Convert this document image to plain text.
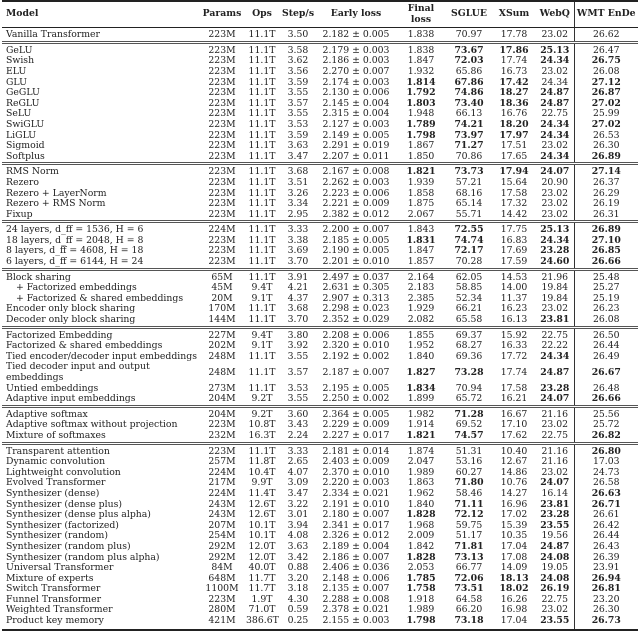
Model	Params	Ops	Step/s	Early loss	Final loss	SGLUE	XSum	WebQ	WMT EnDe
Vanilla Transformer	223M	11.1T	3.50	2.182 ± 0.005	1.838	70.97	17.78	23.02	26.62
GeLU	223M	11.1T	3.58	2.179 ± 0.003	1.838	73.67	17.86	25.13	26.47
Swish	223M	11.1T	3.62	2.186 ± 0.003	1.847	72.03	17.74	24.34	26.75
ELU	223M	11.1T	3.56	2.270 ± 0.007	1.932	65.86	16.73	23.02	26.08
GLU	223M	11.1T	3.59	2.174 ± 0.003	1.814	67.86	17.42	24.34	27.12
GeGLU	223M	11.1T	3.55	2.130 ± 0.006	1.792	74.86	18.27	24.87	26.87
ReGLU	223M	11.1T	3.57	2.145 ± 0.004	1.803	73.40	18.36	24.87	27.02
SeLU	223M	11.1T	3.55	2.315 ± 0.004	1.948	66.13	16.76	22.75	25.99
SwiGLU	223M	11.1T	3.53	2.127 ± 0.003	1.789	74.21	18.20	24.34	27.02
LiGLU	223M	11.1T	3.59	2.149 ± 0.005	1.798	73.97	17.97	24.34	26.53
Sigmoid	223M	11.1T	3.63	2.291 ± 0.019	1.867	71.27	17.51	23.02	26.30
Softplus	223M	11.1T	3.47	2.207 ± 0.011	1.850	70.86	17.65	24.34	26.89
RMS Norm	223M	11.1T	3.68	2.167 ± 0.008	1.821	73.73	17.94	24.07	27.14
Rezero	223M	11.1T	3.51	2.262 ± 0.003	1.939	57.21	15.64	20.90	26.37
Rezero + LayerNorm	223M	11.1T	3.26	2.223 ± 0.006	1.858	68.16	17.58	23.02	26.29
Rezero + RMS Norm	223M	11.1T	3.34	2.221 ± 0.009	1.875	65.14	17.32	23.02	26.19
Fixup	223M	11.1T	2.95	2.382 ± 0.012	2.067	55.71	14.42	23.02	26.31
24 layers, d_ff = 1536, H = 6	224M	11.1T	3.33	2.200 ± 0.007	1.843	72.55	17.75	25.13	26.89
18 layers, d_ff = 2048, H = 8	223M	11.1T	3.38	2.185 ± 0.005	1.831	74.74	16.83	24.34	27.10
8 layers, d_ff = 4608, H = 18	223M	11.1T	3.69	2.190 ± 0.005	1.847	72.17	17.69	23.28	26.85
6 layers, d_ff = 6144, H = 24	223M	11.1T	3.70	2.201 ± 0.010	1.857	70.28	17.59	24.60	26.66
Block sharing	65M	11.1T	3.91	2.497 ± 0.037	2.164	62.05	14.53	21.96	25.48
+ Factorized embeddings	45M	9.4T	4.21	2.631 ± 0.305	2.183	58.85	14.00	19.84	25.27
+ Factorized & shared embeddings	20M	9.1T	4.37	2.907 ± 0.313	2.385	52.34	11.37	19.84	25.19
Encoder only block sharing	170M	11.1T	3.68	2.298 ± 0.023	1.929	66.21	16.23	23.02	26.23
Decoder only block sharing	144M	11.1T	3.70	2.352 ± 0.029	2.082	65.58	16.13	23.81	26.08
Factorized Embedding	227M	9.4T	3.80	2.208 ± 0.006	1.855	69.37	15.92	22.75	26.50
Factorized & shared embeddings	202M	9.1T	3.92	2.320 ± 0.010	1.952	68.27	16.33	22.22	26.44
Tied encoder/decoder input embeddings	248M	11.1T	3.55	2.192 ± 0.002	1.840	69.36	17.72	24.34	26.49
Tied decoder input and output embeddings	248M	11.1T	3.57	2.187 ± 0.007	1.827	73.28	17.74	24.87	26.67
Untied embeddings	273M	11.1T	3.53	2.195 ± 0.005	1.834	70.94	17.58	23.28	26.48
Adaptive input embeddings	204M	9.2T	3.55	2.250 ± 0.002	1.899	65.72	16.21	24.07	26.66
Adaptive softmax	204M	9.2T	3.60	2.364 ± 0.005	1.982	71.28	16.67	21.16	25.56
Adaptive softmax without projection	223M	10.8T	3.43	2.229 ± 0.009	1.914	69.52	17.10	23.02	25.72
Mixture of softmaxes	232M	16.3T	2.24	2.227 ± 0.017	1.821	74.57	17.62	22.75	26.82
Transparent attention	223M	11.1T	3.33	2.181 ± 0.014	1.874	51.31	10.40	21.16	26.80
Dynamic convolution	257M	11.8T	2.65	2.403 ± 0.009	2.047	53.16	12.67	21.16	17.03
Lightweight convolution	224M	10.4T	4.07	2.370 ± 0.010	1.989	60.27	14.86	23.02	24.73
Evolved Transformer	217M	9.9T	3.09	2.220 ± 0.003	1.863	71.80	10.76	24.07	26.58
Synthesizer (dense)	224M	11.4T	3.47	2.334 ± 0.021	1.962	58.46	14.27	16.14	26.63
Synthesizer (dense plus)	243M	12.6T	3.22	2.191 ± 0.010	1.840	71.11	16.96	23.81	26.71
Synthesizer (dense plus alpha)	243M	12.6T	3.01	2.180 ± 0.007	1.828	72.12	17.02	23.28	26.61
Synthesizer (factorized)	207M	10.1T	3.94	2.341 ± 0.017	1.968	59.75	15.39	23.55	26.42
Synthesizer (random)	254M	10.1T	4.08	2.326 ± 0.012	2.009	51.17	10.35	19.56	26.44
Synthesizer (random plus)	292M	12.0T	3.63	2.189 ± 0.004	1.842	71.81	17.04	24.87	26.43
Synthesizer (random plus alpha)	292M	12.0T	3.42	2.186 ± 0.007	1.828	73.13	17.08	24.08	26.39
Universal Transformer	84M	40.0T	0.88	2.406 ± 0.036	2.053	66.77	14.09	19.05	23.91
Mixture of experts	648M	11.7T	3.20	2.148 ± 0.006	1.785	72.06	18.13	24.08	26.94
Switch Transformer	1100M	11.7T	3.18	2.135 ± 0.007	1.758	73.51	18.02	26.19	26.81
Funnel Transformer	223M	1.9T	4.30	2.288 ± 0.008	1.918	64.58	16.26	22.75	23.20
Weighted Transformer	280M	71.0T	0.59	2.378 ± 0.021	1.989	66.20	16.98	23.02	26.30
Product key memory	421M	386.6T	0.25	2.155 ± 0.003	1.798	73.18	17.04	23.55	26.73
